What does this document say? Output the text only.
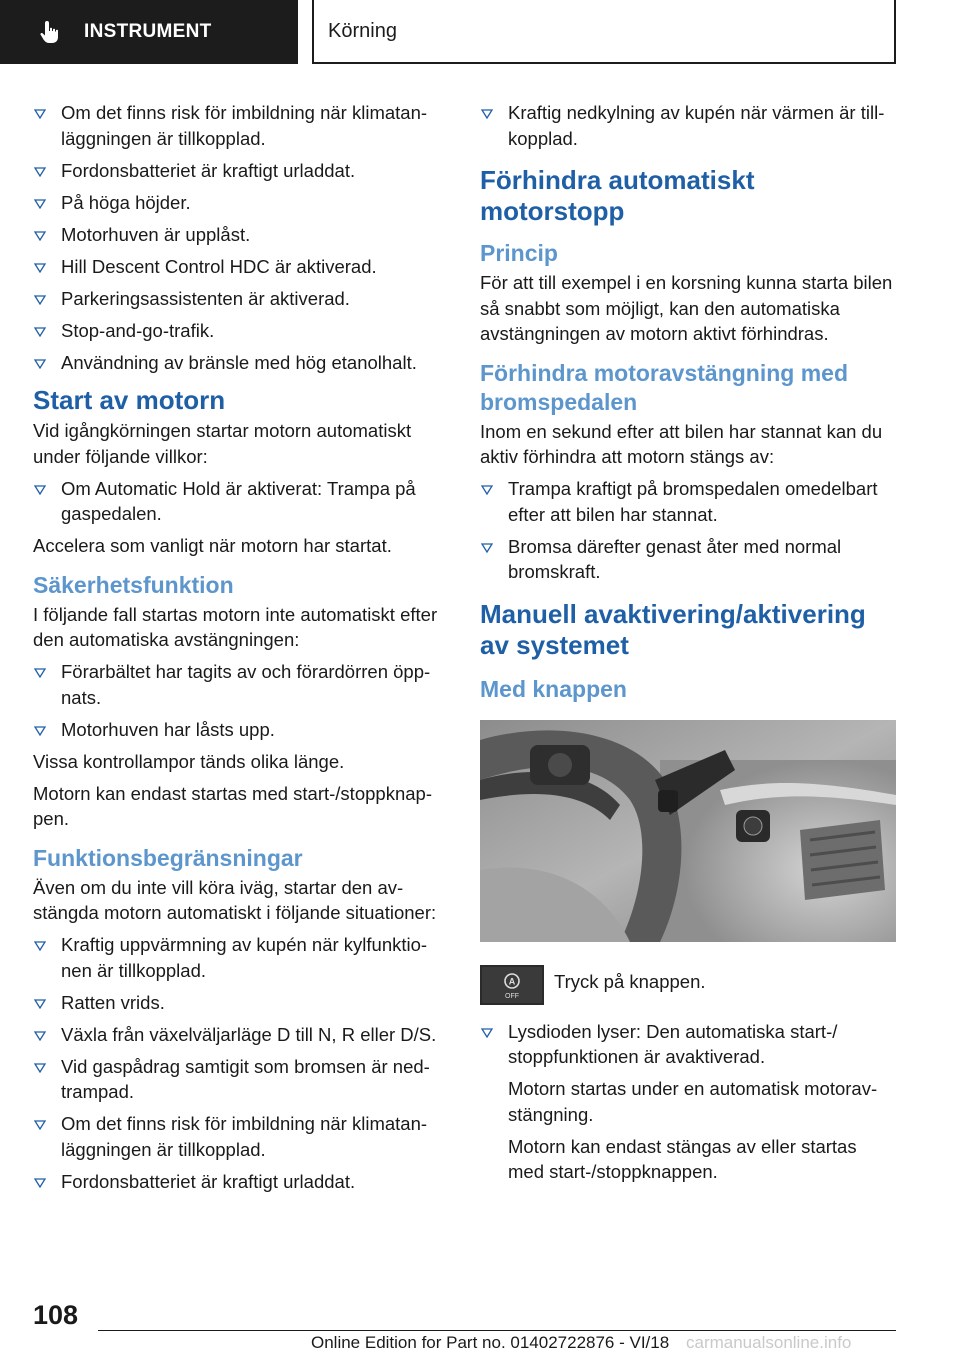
INSTRUMENT	Körning
Om det finns risk för imbildning när klimatanläggningen är tillkopplad.
Fordonsbatteriet är kraftigt urladdat.
På höga höjder.
Motorhuven är upplåst.
Hill Descent Control HDC är aktiverad.
Parkeringsassistenten är aktiverad.
Stop-and-go-trafik.
Användning av bränsle med hög etanolhalt.
Start av motorn

Vid igångkörningen startar motorn automatiskt under följande villkor:

Om Automatic Hold är aktiverat: Trampa på gaspedalen.

Accelera som vanligt när motorn har startat.

Säkerhetsfunktion

I följande fall startas motorn inte automatiskt efter den automatiska avstängningen:

Förarbältet har tagits av och förardörren öppnats.
Motorhuven har låsts upp.

Vissa kontrollampor tänds olika länge.

Motorn kan endast startas med start-/stoppknappen.

Funktionsbegränsningar

Även om du inte vill köra iväg, startar den avstängda motorn automatiskt i följande situationer:

Kraftig uppvärmning av kupén när kylfunktionen är tillkopplad.
Ratten vrids.
Växla från växelväljarläge D till N, R eller D/S.
Vid gaspådrag samtigit som bromsen är nedtrampad.
Om det finns risk för imbildning när klimatanläggningen är tillkopplad.
Fordonsbatteriet är kraftigt urladdat.
Kraftig nedkylning av kupén när värmen är tillkopplad.
Förhindra automatiskt motorstopp
Princip

För att till exempel i en korsning kunna starta bilen så snabbt som möjligt, kan den automatiska avstängningen av motorn aktivt förhindras.

Förhindra motoravstängning med bromspedalen

Inom en sekund efter att bilen har stannat kan du aktiv förhindra att motorn stängs av:

Trampa kraftigt på bromspedalen omedelbart efter att bilen har stannat.
Bromsa därefter genast åter med normal bromskraft.
Manuell avaktivering/aktivering av systemet
Med knappen
A
OFF
Tryck på knappen.
Lysdioden lyser: Den automatiska start-/ stoppfunktionen är avaktiverad.

Motorn startas under en automatisk motoravstängning.

Motorn kan endast stängas av eller startas med start-/stoppknappen.

108
Online Edition for Part no. 01402722876 - VI/18 carmanualsonline.info
